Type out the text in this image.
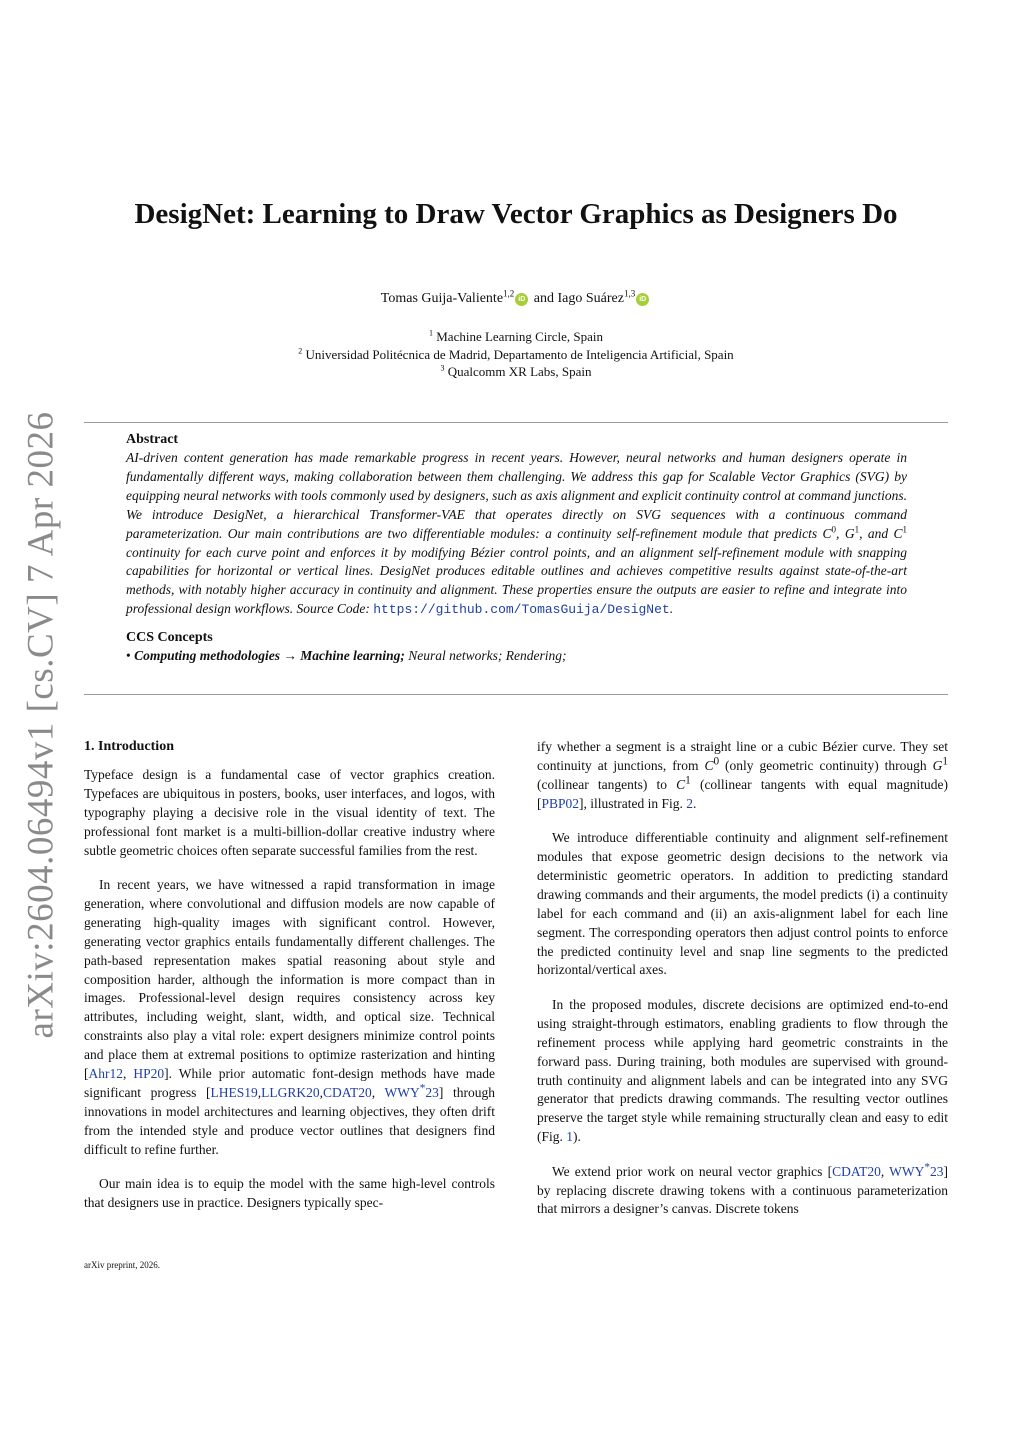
arXiv:2604.06494v1 [cs.CV] 7 Apr 2026
DesigNet: Learning to Draw Vector Graphics as Designers Do
Tomas Guija-Valiente$^{1,2}$iD and Iago Suárez$^{1,3}$iD
$^1$ Machine Learning Circle, Spain
$^2$ Universidad Politécnica de Madrid, Departamento de Inteligencia Artificial, Spain
$^3$ Qualcomm XR Labs, Spain
Abstract

AI-driven content generation has made remarkable progress in recent years. However, neural networks and human designers operate in fundamentally different ways, making collaboration between them challenging. We address this gap for Scalable Vector Graphics (SVG) by equipping neural networks with tools commonly used by designers, such as axis alignment and explicit continuity control at command junctions. We introduce DesigNet, a hierarchical Transformer-VAE that operates directly on SVG sequences with a continuous command parameterization. Our main contributions are two differentiable modules: a continuity self-refinement module that predicts $C^0$, $G^1$, and $C^1$ continuity for each curve point and enforces it by modifying Bézier control points, and an alignment self-refinement module with snapping capabilities for horizontal or vertical lines. DesigNet produces editable outlines and achieves competitive results against state-of-the-art methods, with notably higher accuracy in continuity and alignment. These properties ensure the outputs are easier to refine and integrate into professional design workflows. Source Code: https://github.com/TomasGuija/DesigNet.

CCS Concepts
• Computing methodologies → Machine learning; Neural networks; Rendering;
1. Introduction

Typeface design is a fundamental case of vector graphics creation. Typefaces are ubiquitous in posters, books, user interfaces, and logos, with typography playing a decisive role in the visual identity of text. The professional font market is a multi-billion-dollar creative industry where subtle geometric choices often separate successful families from the rest.

In recent years, we have witnessed a rapid transformation in image generation, where convolutional and diffusion models are now capable of generating high-quality images with significant control. However, generating vector graphics entails fundamentally different challenges. The path-based representation makes spatial reasoning about style and composition harder, although the information is more compact than in images. Professional-level design requires consistency across key attributes, including weight, slant, width, and optical size. Technical constraints also play a vital role: expert designers minimize control points and place them at extremal positions to optimize rasterization and hinting [Ahr12, HP20]. While prior automatic font-design methods have made significant progress [LHES19,LLGRK20,CDAT20, WWY*23] through innovations in model architectures and learning objectives, they often drift from the intended style and produce vector outlines that designers find difficult to refine further.

Our main idea is to equip the model with the same high-level controls that designers use in practice. Designers typically spec-

ify whether a segment is a straight line or a cubic Bézier curve. They set continuity at junctions, from $C^0$ (only geometric continuity) through $G^1$ (collinear tangents) to $C^1$ (collinear tangents with equal magnitude) [PBP02], illustrated in Fig. 2.

We introduce differentiable continuity and alignment self-refinement modules that expose geometric design decisions to the network via deterministic geometric operators. In addition to predicting standard drawing commands and their arguments, the model predicts (i) a continuity label for each command and (ii) an axis-alignment label for each line segment. The corresponding operators then adjust control points to enforce the predicted continuity level and snap line segments to the predicted horizontal/vertical axes.

In the proposed modules, discrete decisions are optimized end-to-end using straight-through estimators, enabling gradients to flow through the refinement process while applying hard geometric constraints in the forward pass. During training, both modules are supervised with ground-truth continuity and alignment labels and can be integrated into any SVG generator that predicts drawing commands. The resulting vector outlines preserve the target style while remaining structurally clean and easy to edit (Fig. 1).

We extend prior work on neural vector graphics [CDAT20, WWY*23] by replacing discrete drawing tokens with a continuous parameterization that mirrors a designer’s canvas. Discrete tokens

arXiv preprint, 2026.
